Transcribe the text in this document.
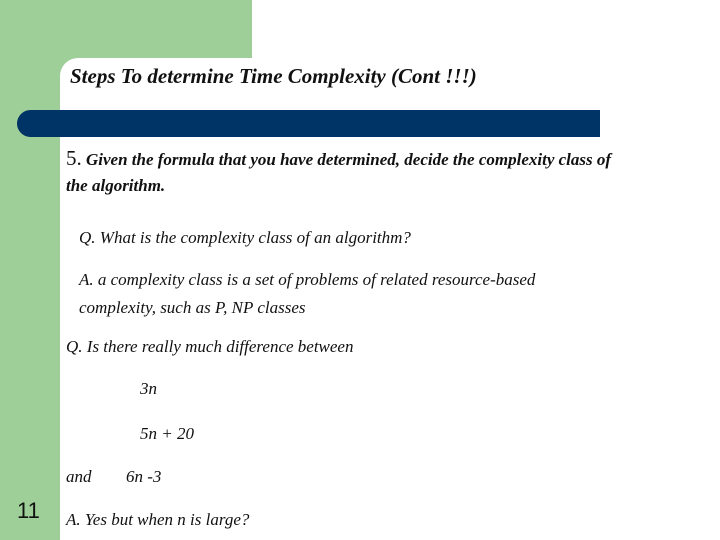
Steps To determine Time Complexity (Cont !!!)
5. Given the formula that you have determined, decide the complexity class of
the algorithm.
Q. What is the complexity class of an algorithm?
A. a complexity class is a set of problems of related resource-based
complexity, such as P, NP classes
Q. Is there really much difference between
3n
5n + 20
and 6n -3
A. Yes but when n is large?
11
